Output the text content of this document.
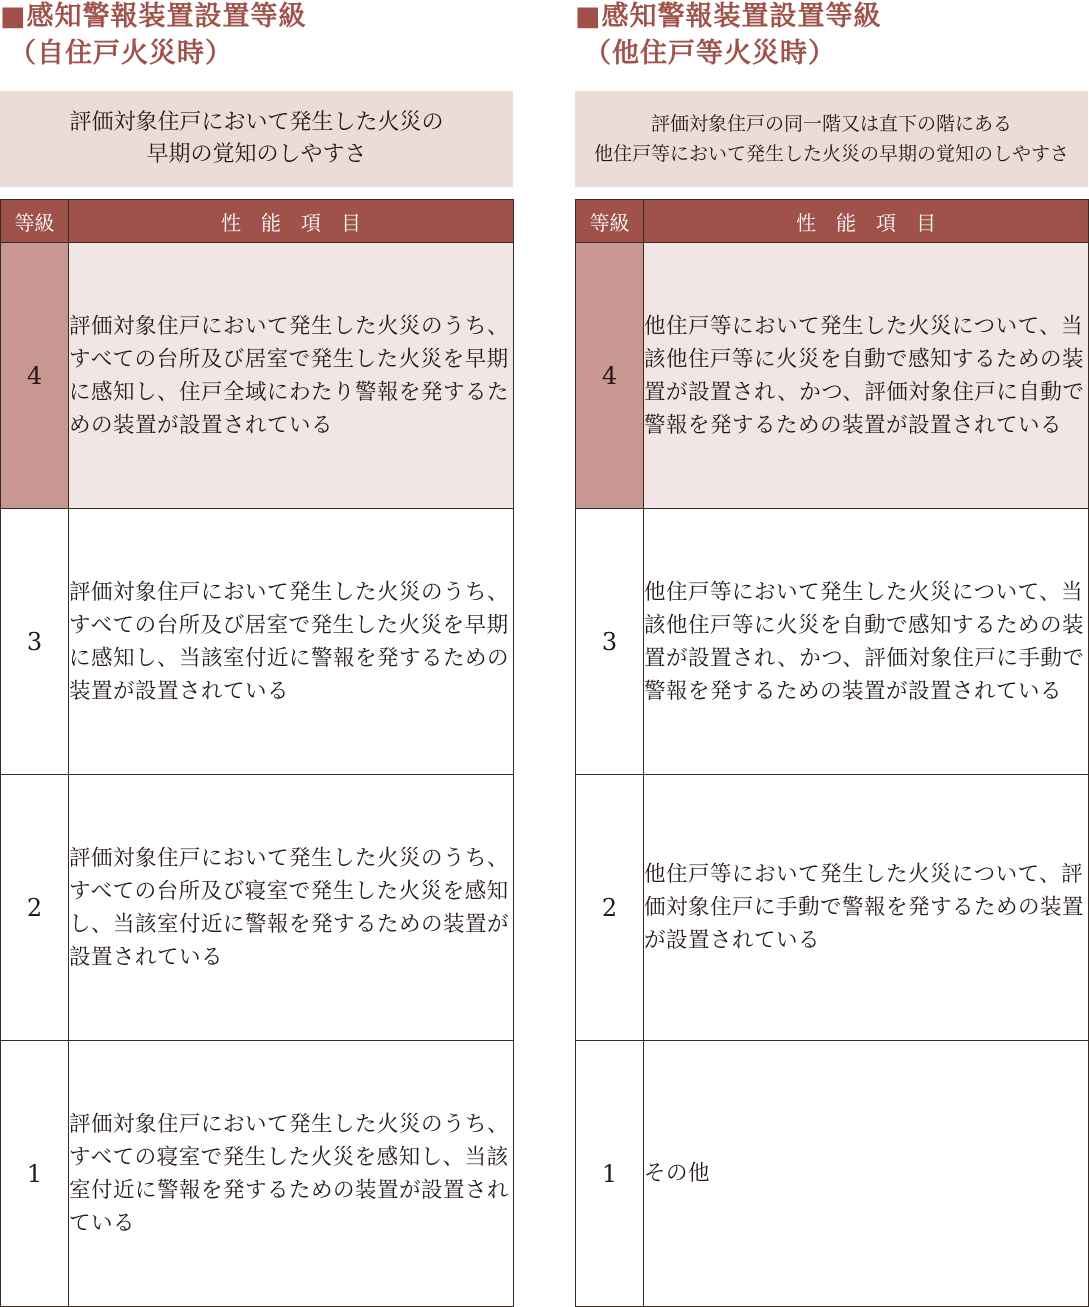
■感知警報装置設置等級
（自住戸火災時）
評価対象住戸において発生した火災の
早期の覚知のしやすさ
等級	性能項目
4	評価対象住戸において発生した火災のうち、すべての台所及び居室で発生した火災を早期に感知し、住戸全域にわたり警報を発するための装置が設置されている

3	評価対象住戸において発生した火災のうち、すべての台所及び居室で発生した火災を早期に感知し、当該室付近に警報を発するための装置が設置されている

2	評価対象住戸において発生した火災のうち、すべての台所及び寝室で発生した火災を感知し、当該室付近に警報を発するための装置が設置されている

1	評価対象住戸において発生した火災のうち、すべての寝室で発生した火災を感知し、当該室付近に警報を発するための装置が設置されている
■感知警報装置設置等級
（他住戸等火災時）
評価対象住戸の同一階又は直下の階にある
他住戸等において発生した火災の早期の覚知のしやすさ
等級	性能項目
4	他住戸等において発生した火災について、当該他住戸等に火災を自動で感知するための装置が設置され、かつ、評価対象住戸に自動で警報を発するための装置が設置されている

3	他住戸等において発生した火災について、当該他住戸等に火災を自動で感知するための装置が設置され、かつ、評価対象住戸に手動で警報を発するための装置が設置されている

2	他住戸等において発生した火災について、評価対象住戸に手動で警報を発するための装置が設置されている

1	その他
